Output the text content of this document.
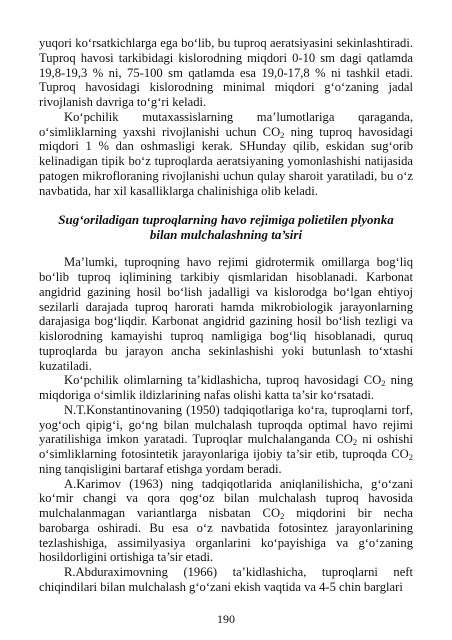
yuqori ko‘rsatkichlarga ega bo‘lib, bu tuproq aeratsiyasini sekinlashtiradi. Tuproq havosi tarkibidagi kislorodning miqdori 0-10 sm dagi qatlamda 19,8-19,3 % ni, 75-100 sm qatlamda esa 19,0-17,8 % ni tashkil etadi. Tuproq havosidagi kislorodning minimal miqdori g‘o‘zaning jadal rivojlanish davriga to‘g‘ri keladi.

Ko‘pchilik mutaxassislarning ma’lumotlariga qaraganda, o‘simliklarning yaxshi rivojlanishi uchun $CO_2$ ning tuproq havosidagi miqdori 1 % dan oshmasligi kerak. SHunday qilib, eskidan sug‘orib kelinadigan tipik bo‘z tuproqlarda aeratsiyaning yomonlashishi natijasida patogen mikrofloraning rivojlanishi uchun qulay sharoit yaratiladi, bu o‘z navbatida, har xil kasalliklarga chalinishiga olib keladi.

Sug‘oriladigan tuproqlarning havo rejimiga polietilen plyonka bilan mulchalashning ta’siri

Ma’lumki, tuproqning havo rejimi gidrotermik omillarga bog‘liq bo‘lib tuproq iqlimining tarkibiy qismlaridan hisoblanadi. Karbonat angidrid gazining hosil bo‘lish jadalligi va kislorodga bo‘lgan ehtiyoj sezilarli darajada tuproq harorati hamda mikrobiologik jarayonlarning darajasiga bog‘liqdir. Karbonat angidrid gazining hosil bo‘lish tezligi va kislorodning kamayishi tuproq namligiga bog‘liq hisoblanadi, quruq tuproqlarda bu jarayon ancha sekinlashishi yoki butunlash to‘xtashi kuzatiladi.

Ko‘pchilik olimlarning ta’kidlashicha, tuproq havosidagi $CO_2$ ning miqdoriga o‘simlik ildizlarining nafas olishi katta ta’sir ko‘rsatadi.

N.T.Konstantinovaning (1950) tadqiqotlariga ko‘ra, tuproqlarni torf, yog‘och qipig‘i, go‘ng bilan mulchalash tuproqda optimal havo rejimi yaratilishiga imkon yaratadi. Tuproqlar mulchalanganda $CO_2$ ni oshishi o‘simliklarning fotosintetik jarayonlariga ijobiy ta’sir etib, tuproqda $CO_2$ ning tanqisligini bartaraf etishga yordam beradi.

A.Karimov (1963) ning tadqiqotlarida aniqlanilishicha, g‘o‘zani ko‘mir changi va qora qog‘oz bilan mulchalash tuproq havosida mulchalanmagan variantlarga nisbatan $CO_2$ miqdorini bir necha barobarga oshiradi. Bu esa o‘z navbatida fotosintez jarayonlarining tezlashishiga, assimilyasiya organlarini ko‘payishiga va g‘o‘zaning hosildorligini ortishiga ta’sir etadi.

R.Abduraximovning (1966) ta’kidlashicha, tuproqlarni neft chiqindilari bilan mulchalash g‘o‘zani ekish vaqtida va 4-5 chin barglari

190
